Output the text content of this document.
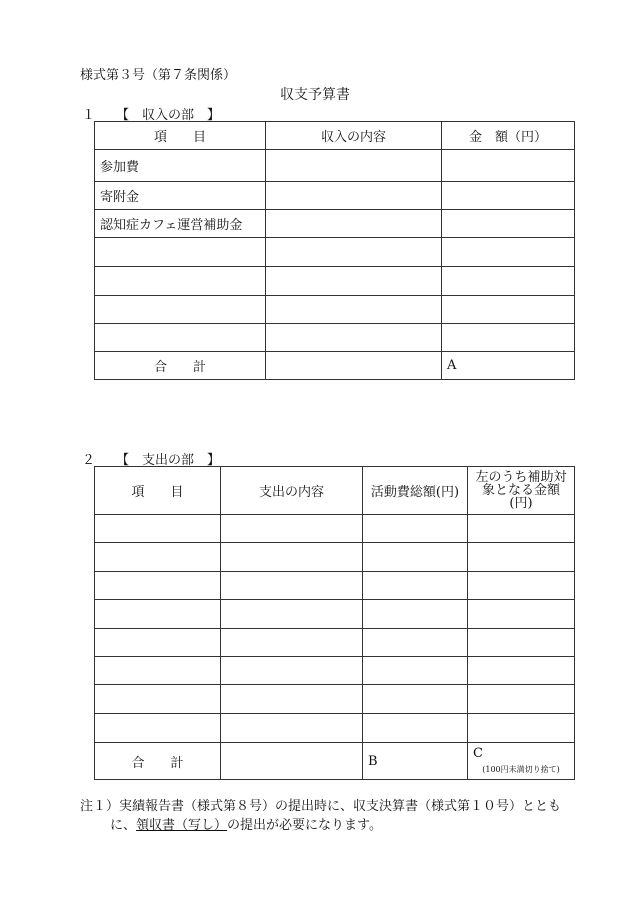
様式第３号（第７条関係）
収支予算書
１ 【　収入の部　】
項　　目	収入の内容	金　額（円）
参加費		
寄附金		
認知症カフェ運営補助金		

合　　計		A
２ 【　支出の部　】
項　　目	支出の内容	活動費総額(円)	左のうち補助対
象となる金額
(円)

合　　計		B	C
(100円未満切り捨て)
注１）実績報告書（様式第８号）の提出時に、収支決算書（様式第１０号）ととも
に、領収書（写し）の提出が必要になります。
